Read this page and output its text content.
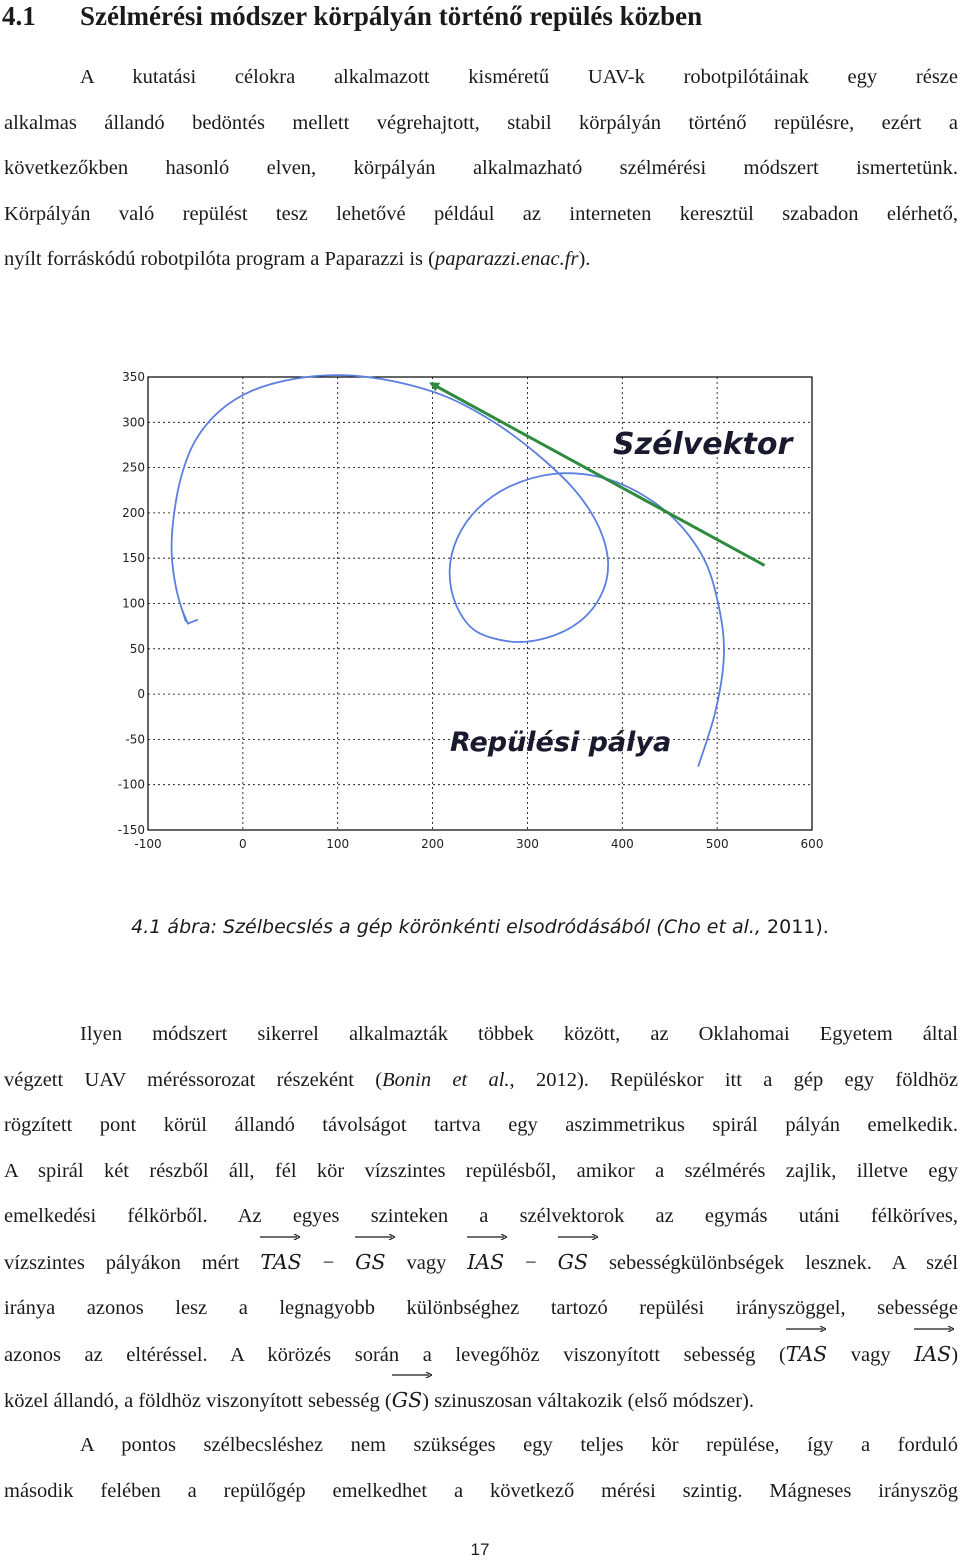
4.1 Szélmérési módszer körpályán történő repülés közben
A kutatási célokra alkalmazott kisméretű UAV-k robotpilótáinak egy része
alkalmas állandó bedöntés mellett végrehajtott, stabil körpályán történő repülésre, ezért a
következőkben hasonló elven, körpályán alkalmazható szélmérési módszert ismertetünk.
Körpályán való repülést tesz lehetővé például az interneten keresztül szabadon elérhető,
nyílt forráskódú robotpilóta program a Paparazzi is (paparazzi.enac.fr).
-100	0	100	200	300	400	500	600
350
300
250
200
150
100
50
0
-50
-100
-150
Szélvektor
Repülési pálya

4.1 ábra: Szélbecslés a gép körönkénti elsodródásából (Cho et al., 2011).

Ilyen módszert sikerrel alkalmazták többek között, az Oklahomai Egyetem által
végzett UAV méréssorozat részeként (Bonin et al., 2012). Repüléskor itt a gép egy földhöz
rögzített pont körül állandó távolságot tartva egy aszimmetrikus spirál pályán emelkedik.
A spirál két részből áll, fél kör vízszintes repülésből, amikor a szélmérés zajlik, illetve egy
emelkedési félkörből. Az egyes szinteken a szélvektorok az egymás utáni félköríves,
vízszintes pályákon mért TAS − GS vagy IAS − GS sebességkülönbségek lesznek. A szél
iránya azonos lesz a legnagyobb különbséghez tartozó repülési irányszöggel, sebessége
azonos az eltéréssel. A körözés során a levegőhöz viszonyított sebesség (
TAS vagy IAS)
közel állandó, a földhöz viszonyított sebesség (
GS) szinuszosan váltakozik (első módszer).
A pontos szélbecsléshez nem szükséges egy teljes kör repülése, így a forduló
második felében a repülőgép emelkedhet a következő mérési szintig. Mágneses irányszög
17
